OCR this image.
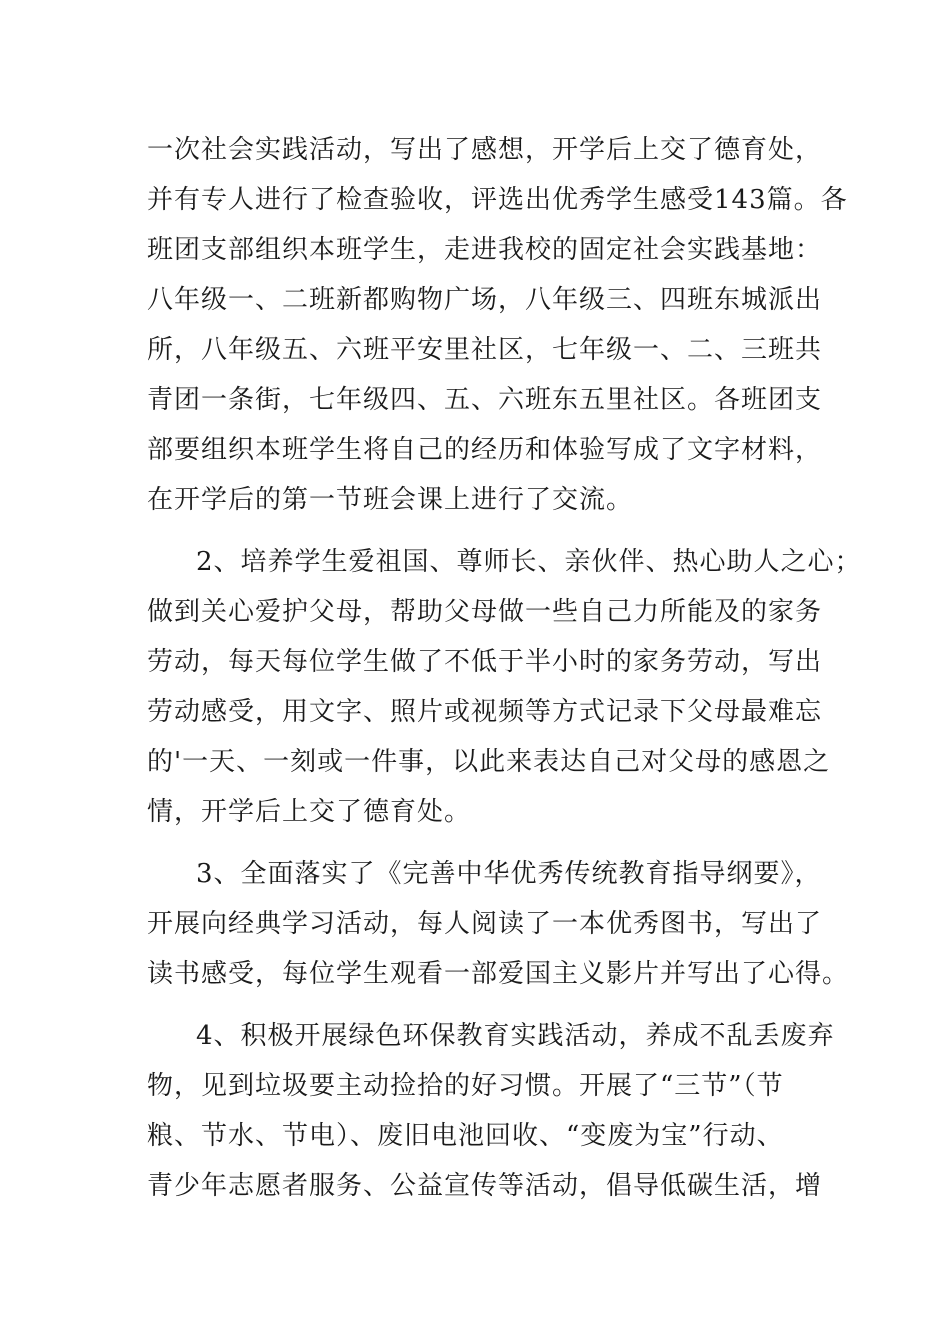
一次社会实践活动，写出了感想，开学后上交了德育处，
并有专人进行了检查验收，评选出优秀学生感受143篇。各
班团支部组织本班学生，走进我校的固定社会实践基地：
八年级一、二班新都购物广场，八年级三、四班东城派出
所，八年级五、六班平安里社区，七年级一、二、三班共
青团一条街，七年级四、五、六班东五里社区。各班团支
部要组织本班学生将自己的经历和体验写成了文字材料，
在开学后的第一节班会课上进行了交流。
2、培养学生爱祖国、尊师长、亲伙伴、热心助人之心；
做到关心爱护父母，帮助父母做一些自己力所能及的家务
劳动，每天每位学生做了不低于半小时的家务劳动，写出
劳动感受，用文字、照片或视频等方式记录下父母最难忘
的'一天、一刻或一件事，以此来表达自己对父母的感恩之
情，开学后上交了德育处。
3、全面落实了《完善中华优秀传统教育指导纲要》，
开展向经典学习活动，每人阅读了一本优秀图书，写出了
读书感受，每位学生观看一部爱国主义影片并写出了心得。
4、积极开展绿色环保教育实践活动，养成不乱丢废弃
物，见到垃圾要主动捡拾的好习惯。开展了“三节”（节
粮、节水、节电）、废旧电池回收、“变废为宝”行动、
青少年志愿者服务、公益宣传等活动，倡导低碳生活，增
